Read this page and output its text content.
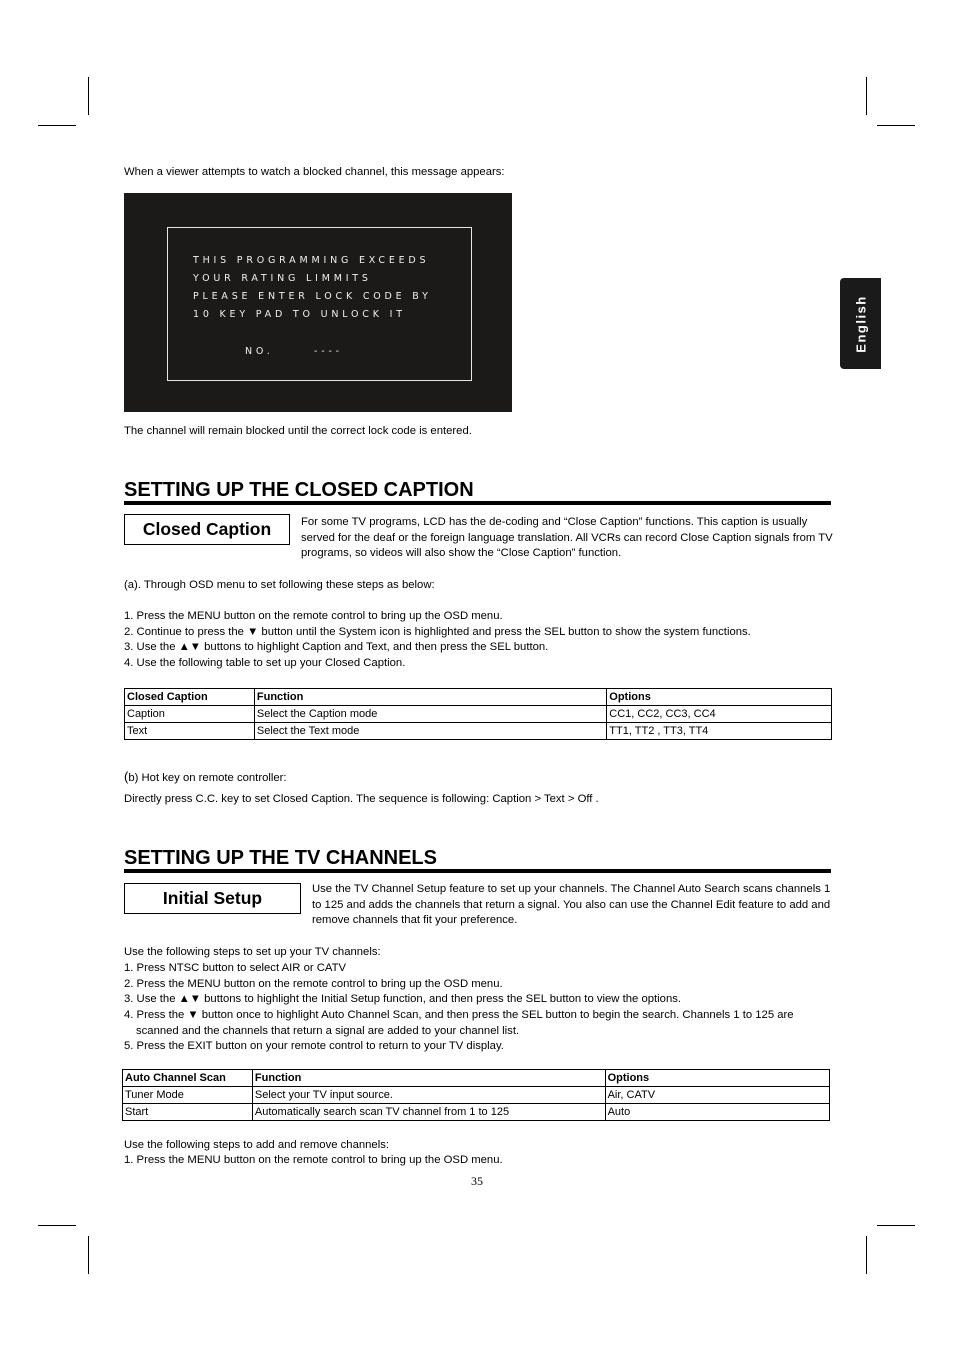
English
When a viewer attempts to watch a blocked channel, this message appears:
THIS PROGRAMMING EXCEEDS
YOUR RATING LIMMITS
PLEASE ENTER LOCK CODE BY
10 KEY PAD TO UNLOCK IT
NO.	----
The channel will remain blocked until the correct lock code is entered.
SETTING UP THE CLOSED CAPTION
Closed Caption	For some TV programs, LCD has the de-coding and “Close Caption” functions. This caption is usually served for the deaf or the foreign language translation. All VCRs can record Close Caption signals from TV programs, so videos will also show the “Close Caption” function.
(a). Through OSD menu to set following these steps as below:
1. Press the MENU button on the remote control to bring up the OSD menu.
2. Continue to press the ▼ button until the System icon is highlighted and press the SEL button to show the system functions.
3. Use the ▲▼ buttons to highlight Caption and Text, and then press the SEL button.
4. Use the following table to set up your Closed Caption.
Closed Caption	Function	Options
Caption	Select the Caption mode	CC1, CC2, CC3, CC4
Text	Select the Text mode	TT1, TT2 , TT3, TT4
(b) Hot key on remote controller:
Directly press C.C. key to set Closed Caption. The sequence is following: Caption > Text > Off .
SETTING UP THE TV CHANNELS
Initial Setup	Use the TV Channel Setup feature to set up your channels. The Channel Auto Search scans channels 1 to 125 and adds the channels that return a signal. You also can use the Channel Edit feature to add and remove channels that fit your preference.
Use the following steps to set up your TV channels:
1. Press NTSC button to select AIR or CATV
2. Press the MENU button on the remote control to bring up the OSD menu.
3. Use the ▲▼ buttons to highlight the Initial Setup function, and then press the SEL button to view the options.
4. Press the ▼ button once to highlight Auto Channel Scan, and then press the SEL button to begin the search. Channels 1 to 125 are
scanned and the channels that return a signal are added to your channel list.
5. Press the EXIT button on your remote control to return to your TV display.
Auto Channel Scan	Function	Options
Tuner Mode	Select your TV input source.	Air, CATV
Start	Automatically search scan TV channel from 1 to 125	Auto
Use the following steps to add and remove channels:
1. Press the MENU button on the remote control to bring up the OSD menu.
35
